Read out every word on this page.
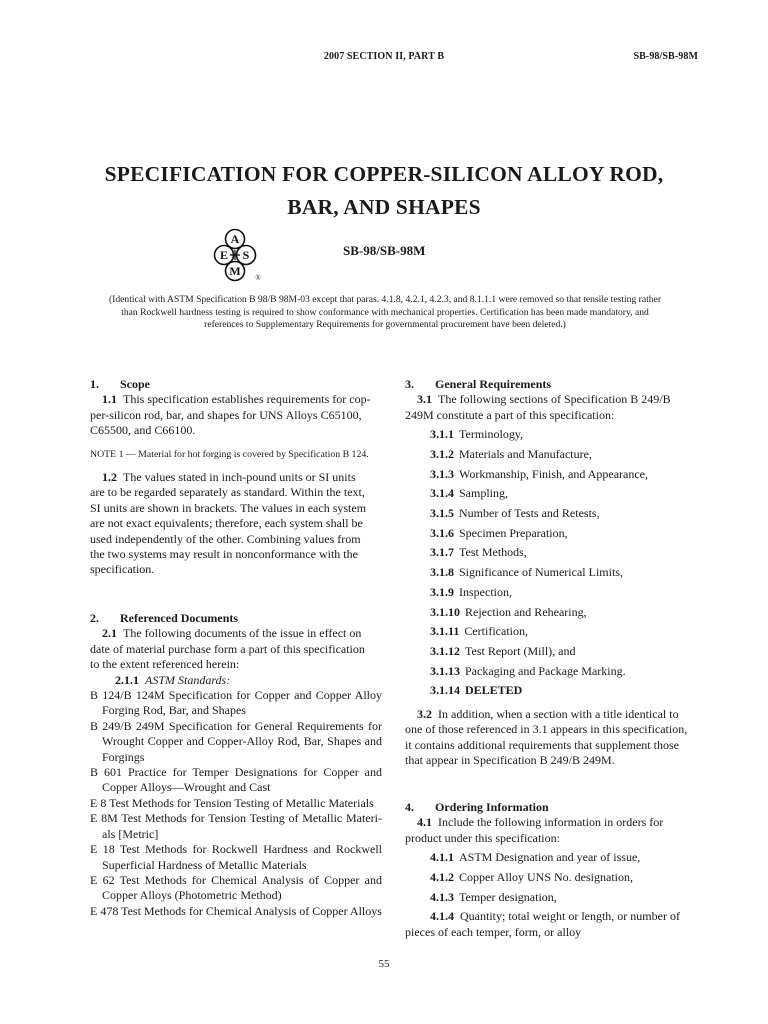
2007 SECTION II, PART B	SB-98/SB-98M
SPECIFICATION FOR COPPER-SILICON ALLOY ROD,
BAR, AND SHAPES
A
E S
M ®
SB-98/SB-98M
(Identical with ASTM Specification B 98/B 98M-03 except that paras. 4.1.8, 4.2.1, 4.2.3, and 8.1.1.1 were removed so that tensile testing rather
than Rockwell hardness testing is required to show conformance with mechanical properties. Certification has been made mandatory, and
references to Supplementary Requirements for governmental procurement have been deleted.)
1. Scope
1.1 This specification establishes requirements for cop-
per-silicon rod, bar, and shapes for UNS Alloys C65100,
C65500, and C66100.
NOTE 1 — Material for hot forging is covered by Specification B 124.
1.2 The values stated in inch-pound units or SI units
are to be regarded separately as standard. Within the text,
SI units are shown in brackets. The values in each system
are not exact equivalents; therefore, each system shall be
used independently of the other. Combining values from
the two systems may result in nonconformance with the
specification.
2. Referenced Documents
2.1 The following documents of the issue in effect on
date of material purchase form a part of this specification
to the extent referenced herein:
2.1.1 ASTM Standards:
B 124/B 124M Specification for Copper and Copper Alloy Forging Rod, Bar, and Shapes
B 249/B 249M Specification for General Requirements for Wrought Copper and Copper-Alloy Rod, Bar, Shapes and Forgings
B 601 Practice for Temper Designations for Copper and Copper Alloys—Wrought and Cast
E 8 Test Methods for Tension Testing of Metallic Materials
E 8M Test Methods for Tension Testing of Metallic Materi-als [Metric]
E 18 Test Methods for Rockwell Hardness and Rockwell Superficial Hardness of Metallic Materials
E 62 Test Methods for Chemical Analysis of Copper and Copper Alloys (Photometric Method)
E 478 Test Methods for Chemical Analysis of Copper Alloys
3. General Requirements
3.1 The following sections of Specification B 249/B
249M constitute a part of this specification:
3.1.1 Terminology,
3.1.2 Materials and Manufacture,
3.1.3 Workmanship, Finish, and Appearance,
3.1.4 Sampling,
3.1.5 Number of Tests and Retests,
3.1.6 Specimen Preparation,
3.1.7 Test Methods,
3.1.8 Significance of Numerical Limits,
3.1.9 Inspection,
3.1.10 Rejection and Rehearing,
3.1.11 Certification,
3.1.12 Test Report (Mill), and
3.1.13 Packaging and Package Marking.
3.1.14 DELETED
3.2 In addition, when a section with a title identical to
one of those referenced in 3.1 appears in this specification,
it contains additional requirements that supplement those
that appear in Specification B 249/B 249M.
4. Ordering Information
4.1 Include the following information in orders for
product under this specification:
4.1.1 ASTM Designation and year of issue,
4.1.2 Copper Alloy UNS No. designation,
4.1.3 Temper designation,
4.1.4 Quantity; total weight or length, or number of
pieces of each temper, form, or alloy
55
